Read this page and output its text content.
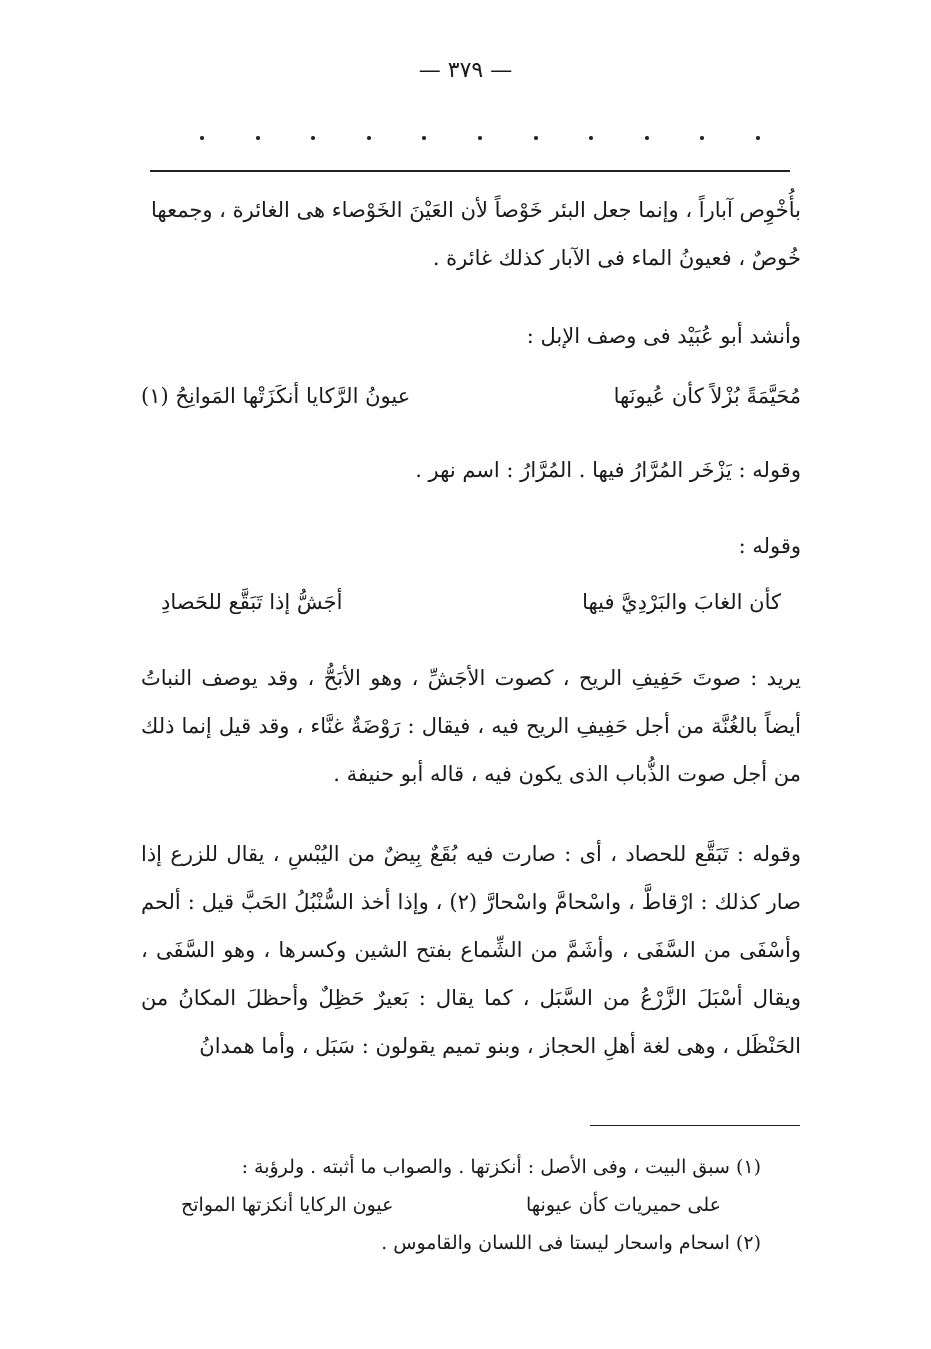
— ٣٧٩ —

بأُخْوِص آباراً ، وإنما جعل البئر خَوْصاً لأن العَيْنَ الخَوْصاء هى الغائرة ، وجمعها خُوصٌ ، فعيونُ الماء فى الآبار كذلك غائرة .

وأنشد أبو عُبَيْد فى وصف الإبل :

مُحَيَّمَةً بُزْلاً كأن عُيونَها
عيونُ الرَّكايا أنكَزَتْها المَوانِحُ (١)

وقوله : يَزْخَر المُرَّارُ فيها . المُرَّارُ : اسم نهر .

وقوله :

كأن الغابَ والبَرْدِيَّ فيها
أجَشُّ إذا تَبَقَّع للحَصادِ

يريد : صوتَ حَفِيفِ الريح ، كصوت الأجَشِّ ، وهو الأبَحُّ ، وقد يوصف النباتُ أيضاً بالغُنَّة من أجل حَفِيفِ الريح فيه ، فيقال : رَوْضَةٌ غنَّاء ، وقد قيل إنما ذلك من أجل صوت الذُّباب الذى يكون فيه ، قاله أبو حنيفة .

وقوله : تَبَقَّع للحصاد ، أى : صارت فيه بُقَعٌ بِيضٌ من اليُبْسِ ، يقال للزرع إذا صار كذلك : ارْقاطَّ ، واسْحامَّ واسْحارَّ (٢) ، وإذا أخذ السُّنْبُلُ الحَبَّ قيل : ألحم وأسْفَى من السَّفَى ، وأشَمَّ من الشِّماع بفتح الشين وكسرها ، وهو السَّفَى ، ويقال أسْبَلَ الزَّرْعُ من السَّبَل ، كما يقال : بَعيرٌ حَظِلٌ وأحظلَ المكانُ من الحَنْظَل ، وهى لغة أهلِ الحجاز ، وبنو تميم يقولون : سَبَل ، وأما همدانُ

(١) سبق البيت ، وفى الأصل : أنكزتها . والصواب ما أثبته . ولرؤبة :

على حميريات كأن عيونها
عيون الركايا أنكزتها المواتح

(٢) اسحام واسحار ليستا فى اللسان والقاموس .
